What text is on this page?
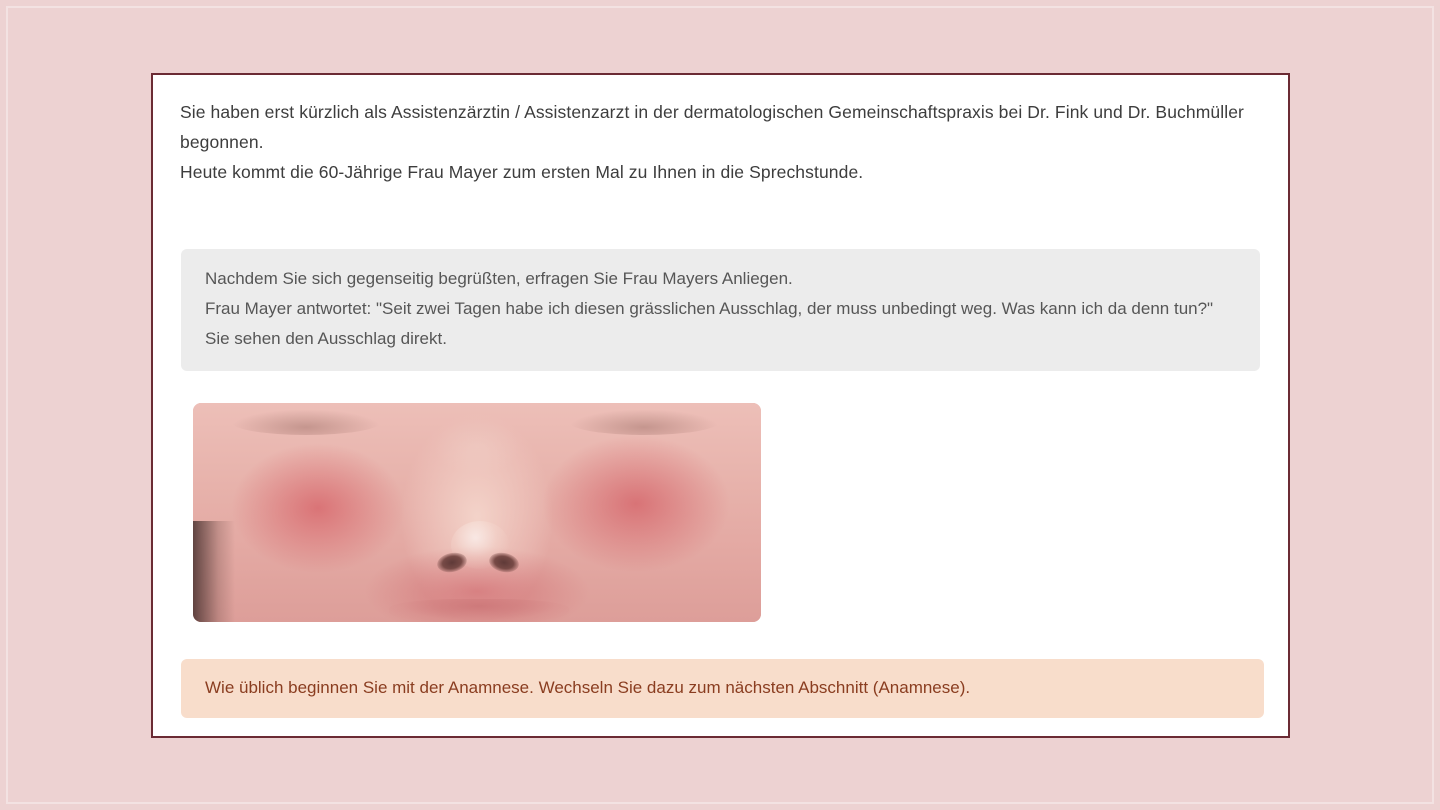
Sie haben erst kürzlich als Assistenzärztin / Assistenzarzt in der dermatologischen Gemeinschaftspraxis bei Dr. Fink und Dr. Buchmüller begonnen.

Heute kommt die 60-Jährige Frau Mayer zum ersten Mal zu Ihnen in die Sprechstunde.

Nachdem Sie sich gegenseitig begrüßten, erfragen Sie Frau Mayers Anliegen.

Frau Mayer antwortet: "Seit zwei Tagen habe ich diesen grässlichen Ausschlag, der muss unbedingt weg. Was kann ich da denn tun?" Sie sehen den Ausschlag direkt.

Wie üblich beginnen Sie mit der Anamnese. Wechseln Sie dazu zum nächsten Abschnitt (Anamnese).
